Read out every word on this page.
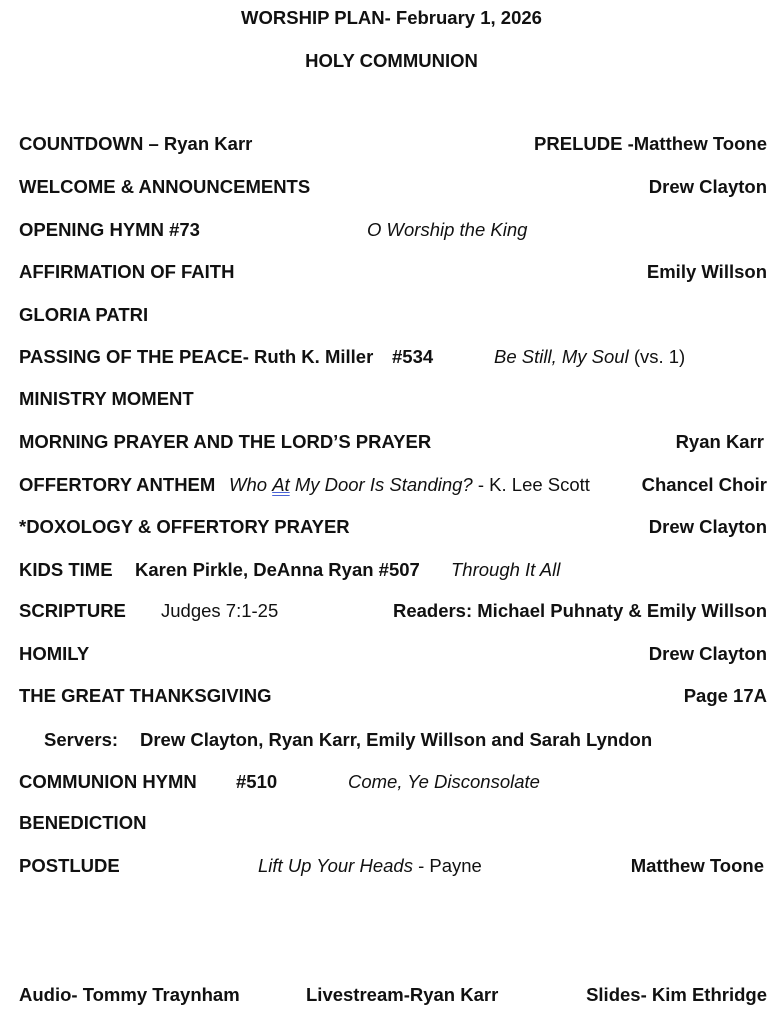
WORSHIP PLAN- February 1, 2026
HOLY COMMUNION
COUNTDOWN – Ryan Karr	PRELUDE -Matthew Toone
WELCOME & ANNOUNCEMENTS	Drew Clayton
OPENING HYMN #73	O Worship the King
AFFIRMATION OF FAITH	Emily Willson
GLORIA PATRI
PASSING OF THE PEACE- Ruth K. Miller #534	Be Still, My Soul (vs. 1)
MINISTRY MOMENT
MORNING PRAYER AND THE LORD’S PRAYER	Ryan Karr
OFFERTORY ANTHEM Who At My Door Is Standing? - K. Lee Scott	Chancel Choir
*DOXOLOGY & OFFERTORY PRAYER	Drew Clayton
KIDS TIME Karen Pirkle, DeAnna Ryan #507 Through It All
SCRIPTURE Judges 7:1-25	Readers: Michael Puhnaty & Emily Willson
HOMILY	Drew Clayton
THE GREAT THANKSGIVING	Page 17A
Servers: Drew Clayton, Ryan Karr, Emily Willson and Sarah Lyndon
COMMUNION HYMN #510	Come, Ye Disconsolate
BENEDICTION
POSTLUDE	Lift Up Your Heads - Payne	Matthew Toone
Audio- Tommy Traynham	Livestream-Ryan Karr	Slides- Kim Ethridge
